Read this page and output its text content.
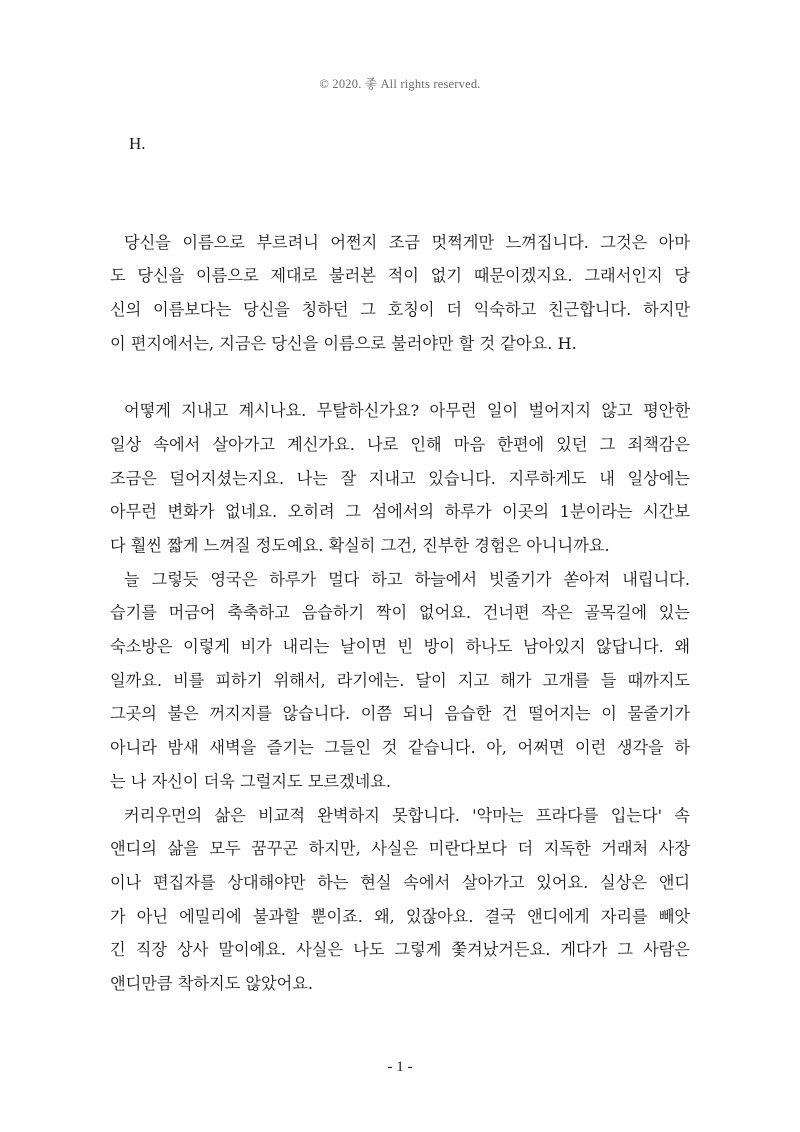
© 2020. 좋 All rights reserved.
H.
당신을 이름으로 부르려니 어쩐지 조금 멋쩍게만 느껴집니다. 그것은 아마
도 당신을 이름으로 제대로 불러본 적이 없기 때문이겠지요. 그래서인지 당
신의 이름보다는 당신을 칭하던 그 호칭이 더 익숙하고 친근합니다. 하지만
이 편지에서는, 지금은 당신을 이름으로 불러야만 할 것 같아요. H.
어떻게 지내고 계시나요. 무탈하신가요? 아무런 일이 벌어지지 않고 평안한
일상 속에서 살아가고 계신가요. 나로 인해 마음 한편에 있던 그 죄책감은
조금은 덜어지셨는지요. 나는 잘 지내고 있습니다. 지루하게도 내 일상에는
아무런 변화가 없네요. 오히려 그 섬에서의 하루가 이곳의 1분이라는 시간보
다 훨씬 짧게 느껴질 정도예요. 확실히 그건, 진부한 경험은 아니니까요.
늘 그렇듯 영국은 하루가 멀다 하고 하늘에서 빗줄기가 쏟아져 내립니다.
습기를 머금어 축축하고 음습하기 짝이 없어요. 건너편 작은 골목길에 있는
숙소방은 이렇게 비가 내리는 날이면 빈 방이 하나도 남아있지 않답니다. 왜
일까요. 비를 피하기 위해서, 라기에는. 달이 지고 해가 고개를 들 때까지도
그곳의 불은 꺼지지를 않습니다. 이쯤 되니 음습한 건 떨어지는 이 물줄기가
아니라 밤새 새벽을 즐기는 그들인 것 같습니다. 아, 어쩌면 이런 생각을 하
는 나 자신이 더욱 그럴지도 모르겠네요.
커리우먼의 삶은 비교적 완벽하지 못합니다. '악마는 프라다를 입는다' 속
앤디의 삶을 모두 꿈꾸곤 하지만, 사실은 미란다보다 더 지독한 거래처 사장
이나 편집자를 상대해야만 하는 현실 속에서 살아가고 있어요. 실상은 앤디
가 아닌 에밀리에 불과할 뿐이죠. 왜, 있잖아요. 결국 앤디에게 자리를 빼앗
긴 직장 상사 말이에요. 사실은 나도 그렇게 쫓겨났거든요. 게다가 그 사람은
앤디만큼 착하지도 않았어요.
- 1 -
